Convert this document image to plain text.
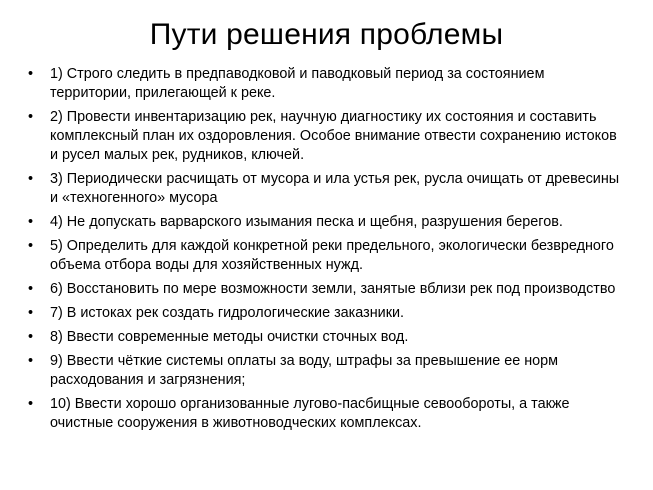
Пути решения проблемы
•	1) Строго следить в предпаводковой и паводковый период за состоянием территории, прилегающей к реке.
•	2) Провести инвентаризацию рек, научную диагностику их состояния и составить комплексный план их оздоровления. Особое внимание отвести сохранению истоков и русел малых рек, рудников, ключей.
•	3) Периодически расчищать от мусора и ила устья рек, русла очищать от древесины и «техногенного» мусора
•	4) Не допускать варварского изымания песка и щебня, разрушения берегов.
•	5) Определить для каждой конкретной реки предельного, экологически безвредного объема отбора воды для хозяйственных нужд.
•	6) Восстановить по мере возможности земли, занятые вблизи рек под производство
•	7) В истоках рек создать гидрологические заказники.
•	8) Ввести современные методы очистки сточных вод.
•	9) Ввести чёткие системы оплаты за воду, штрафы за превышение ее норм расходования и загрязнения;
•	10) Ввести хорошо организованные лугово-пасбищные севообороты, а также очистные сооружения в животноводческих комплексах.
